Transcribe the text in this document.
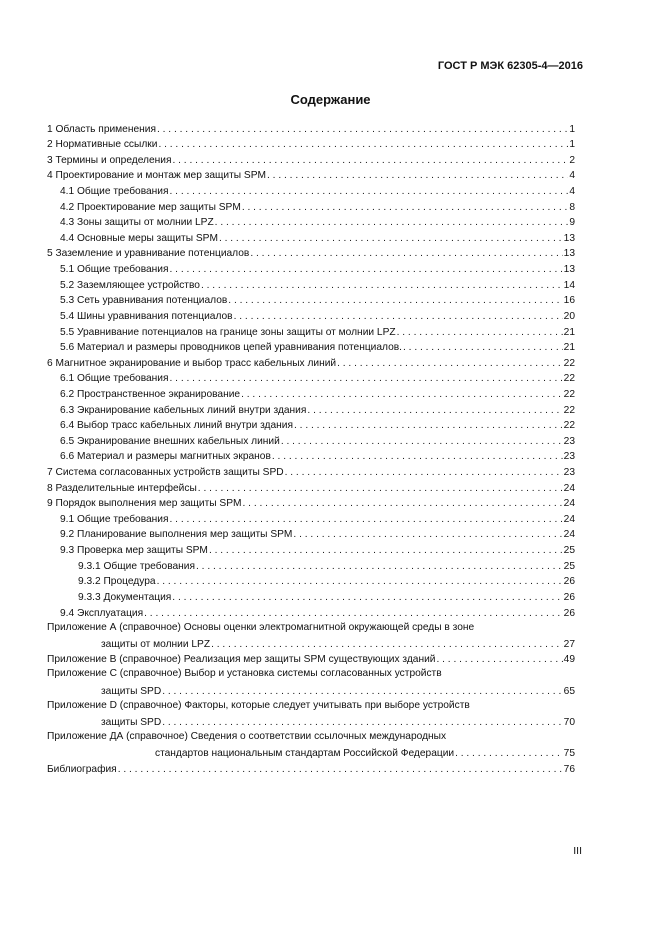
ГОСТ Р МЭК 62305-4—2016
Содержание
1 Область применения . . .	1
2 Нормативные ссылки . . .	1
3 Термины и определения . . .	2
4 Проектирование и монтаж мер защиты SPM . . .	4
4.1 Общие требования . . .	4
4.2 Проектирование мер защиты SPM . . .	8
4.3 Зоны защиты от молнии LPZ . . .	9
4.4 Основные меры защиты SPM . . .	13
5 Заземление и уравнивание потенциалов . . .	13
5.1 Общие требования . . .	13
5.2 Заземляющее устройство . . .	14
5.3 Сеть уравнивания потенциалов . . .	16
5.4 Шины уравнивания потенциалов . . .	20
5.5 Уравнивание потенциалов на границе зоны защиты от молнии LPZ . . .	21
5.6 Материал и размеры проводников цепей уравнивания потенциалов. . . .	21
6 Магнитное экранирование и выбор трасс кабельных линий . . .	22
6.1 Общие требования . . .	22
6.2 Пространственное экранирование . . .	22
6.3 Экранирование кабельных линий внутри здания . . .	22
6.4 Выбор трасс кабельных линий внутри здания . . .	22
6.5 Экранирование внешних кабельных линий . . .	23
6.6 Материал и размеры магнитных экранов . . .	23
7 Система согласованных устройств защиты SPD . . .	23
8 Разделительные интерфейсы . . .	24
9 Порядок выполнения мер защиты SPM . . .	24
9.1 Общие требования . . .	24
9.2 Планирование выполнения мер защиты SPM . . .	24
9.3 Проверка мер защиты SPM . . .	25
9.3.1 Общие требования . . .	25
9.3.2 Процедура . . .	26
9.3.3 Документация . . .	26
9.4 Эксплуатация . . .	26
Приложение А (справочное) Основы оценки электромагнитной окружающей среды в зоне
защиты от молнии LPZ . . .	27
Приложение В (справочное) Реализация мер защиты SPM существующих зданий . . .	49
Приложение С (справочное) Выбор и установка системы согласованных устройств
защиты SPD . . .	65
Приложение D (справочное) Факторы, которые следует учитывать при выборе устройств
защиты SPD . . .	70
Приложение ДА (справочное) Сведения о соответствии ссылочных международных
стандартов национальным стандартам Российской Федерации . . .	75
Библиография . . .	76
III
